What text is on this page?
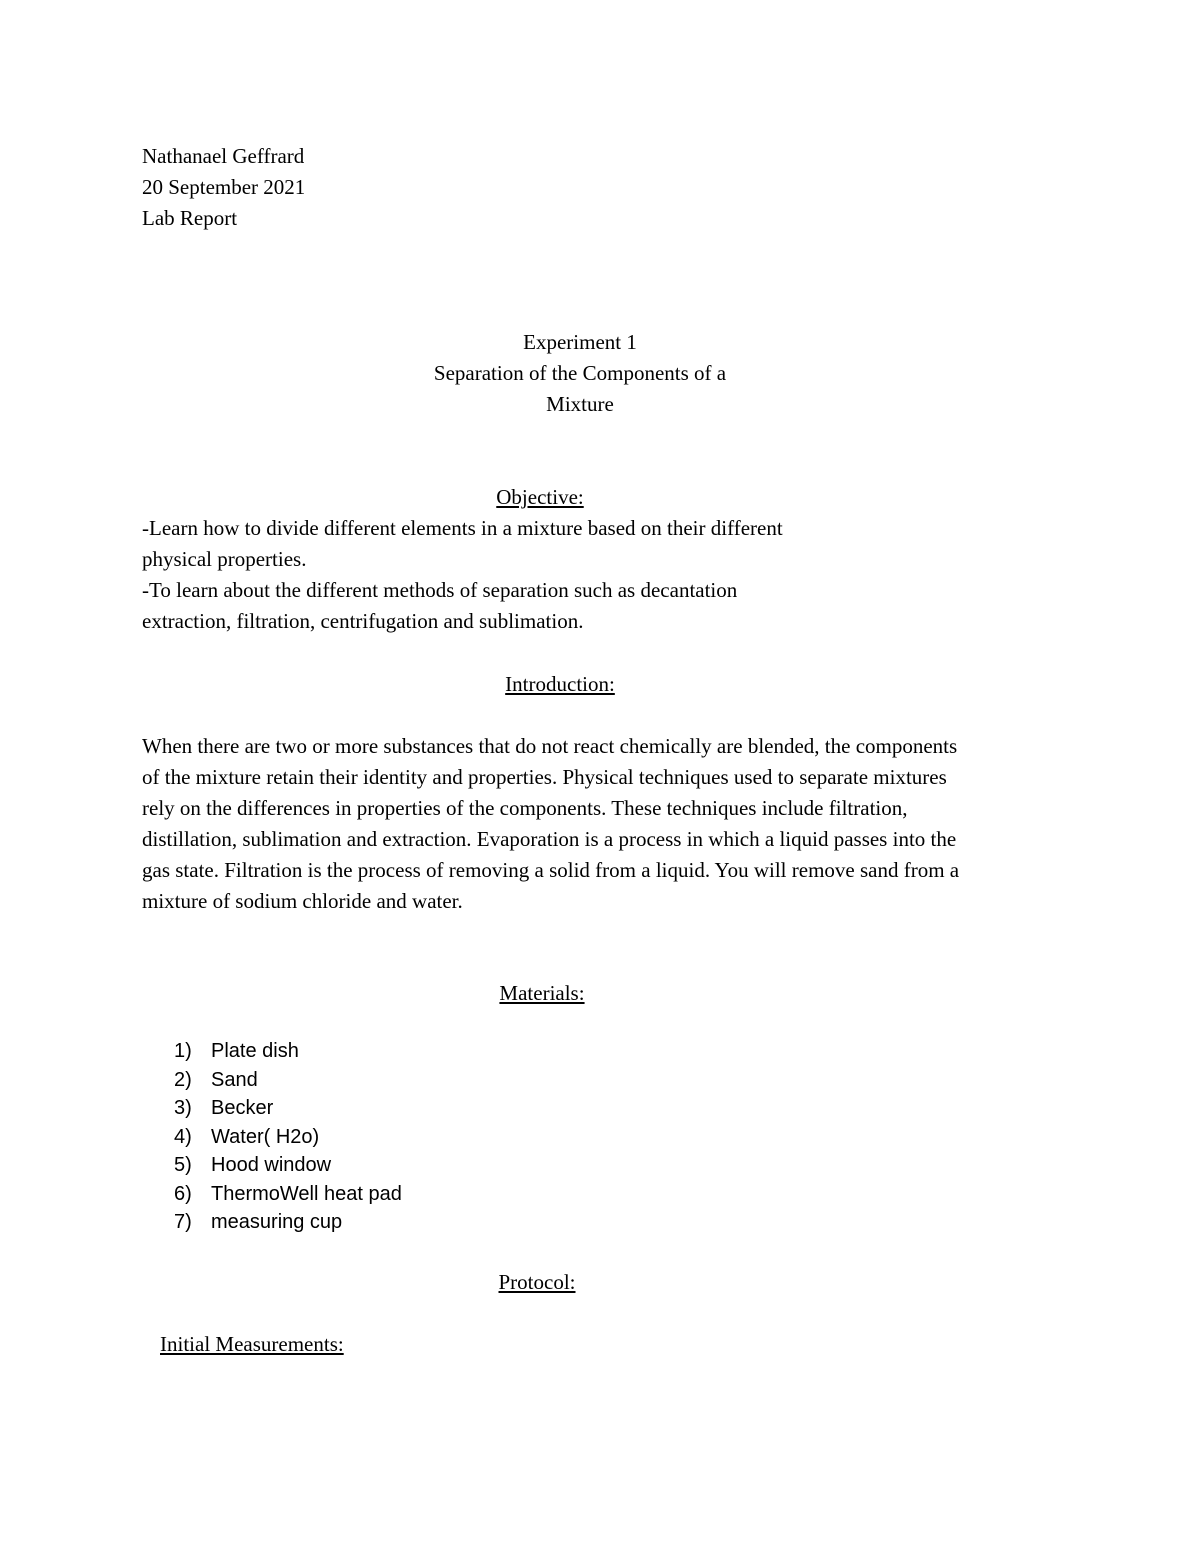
Nathanael Geffrard
20 September 2021
Lab Report
Experiment 1
Separation of the Components of a
Mixture
Objective:

-Learn how to divide different elements in a mixture based on their different

physical properties.

-To learn about the different methods of separation such as decantation

extraction, filtration, centrifugation and sublimation.

Introduction:

When there are two or more substances that do not react chemically are blended, the components

of the mixture retain their identity and properties. Physical techniques used to separate mixtures

rely on the differences in properties of the components. These techniques include filtration,

distillation, sublimation and extraction. Evaporation is a process in which a liquid passes into the

gas state. Filtration is the process of removing a solid from a liquid. You will remove sand from a

mixture of sodium chloride and water.

Materials:
1) Plate dish
2) Sand
3) Becker
4) Water( H2o)
5) Hood window
6) ThermoWell heat pad
7) measuring cup
Protocol:
Initial Measurements:
